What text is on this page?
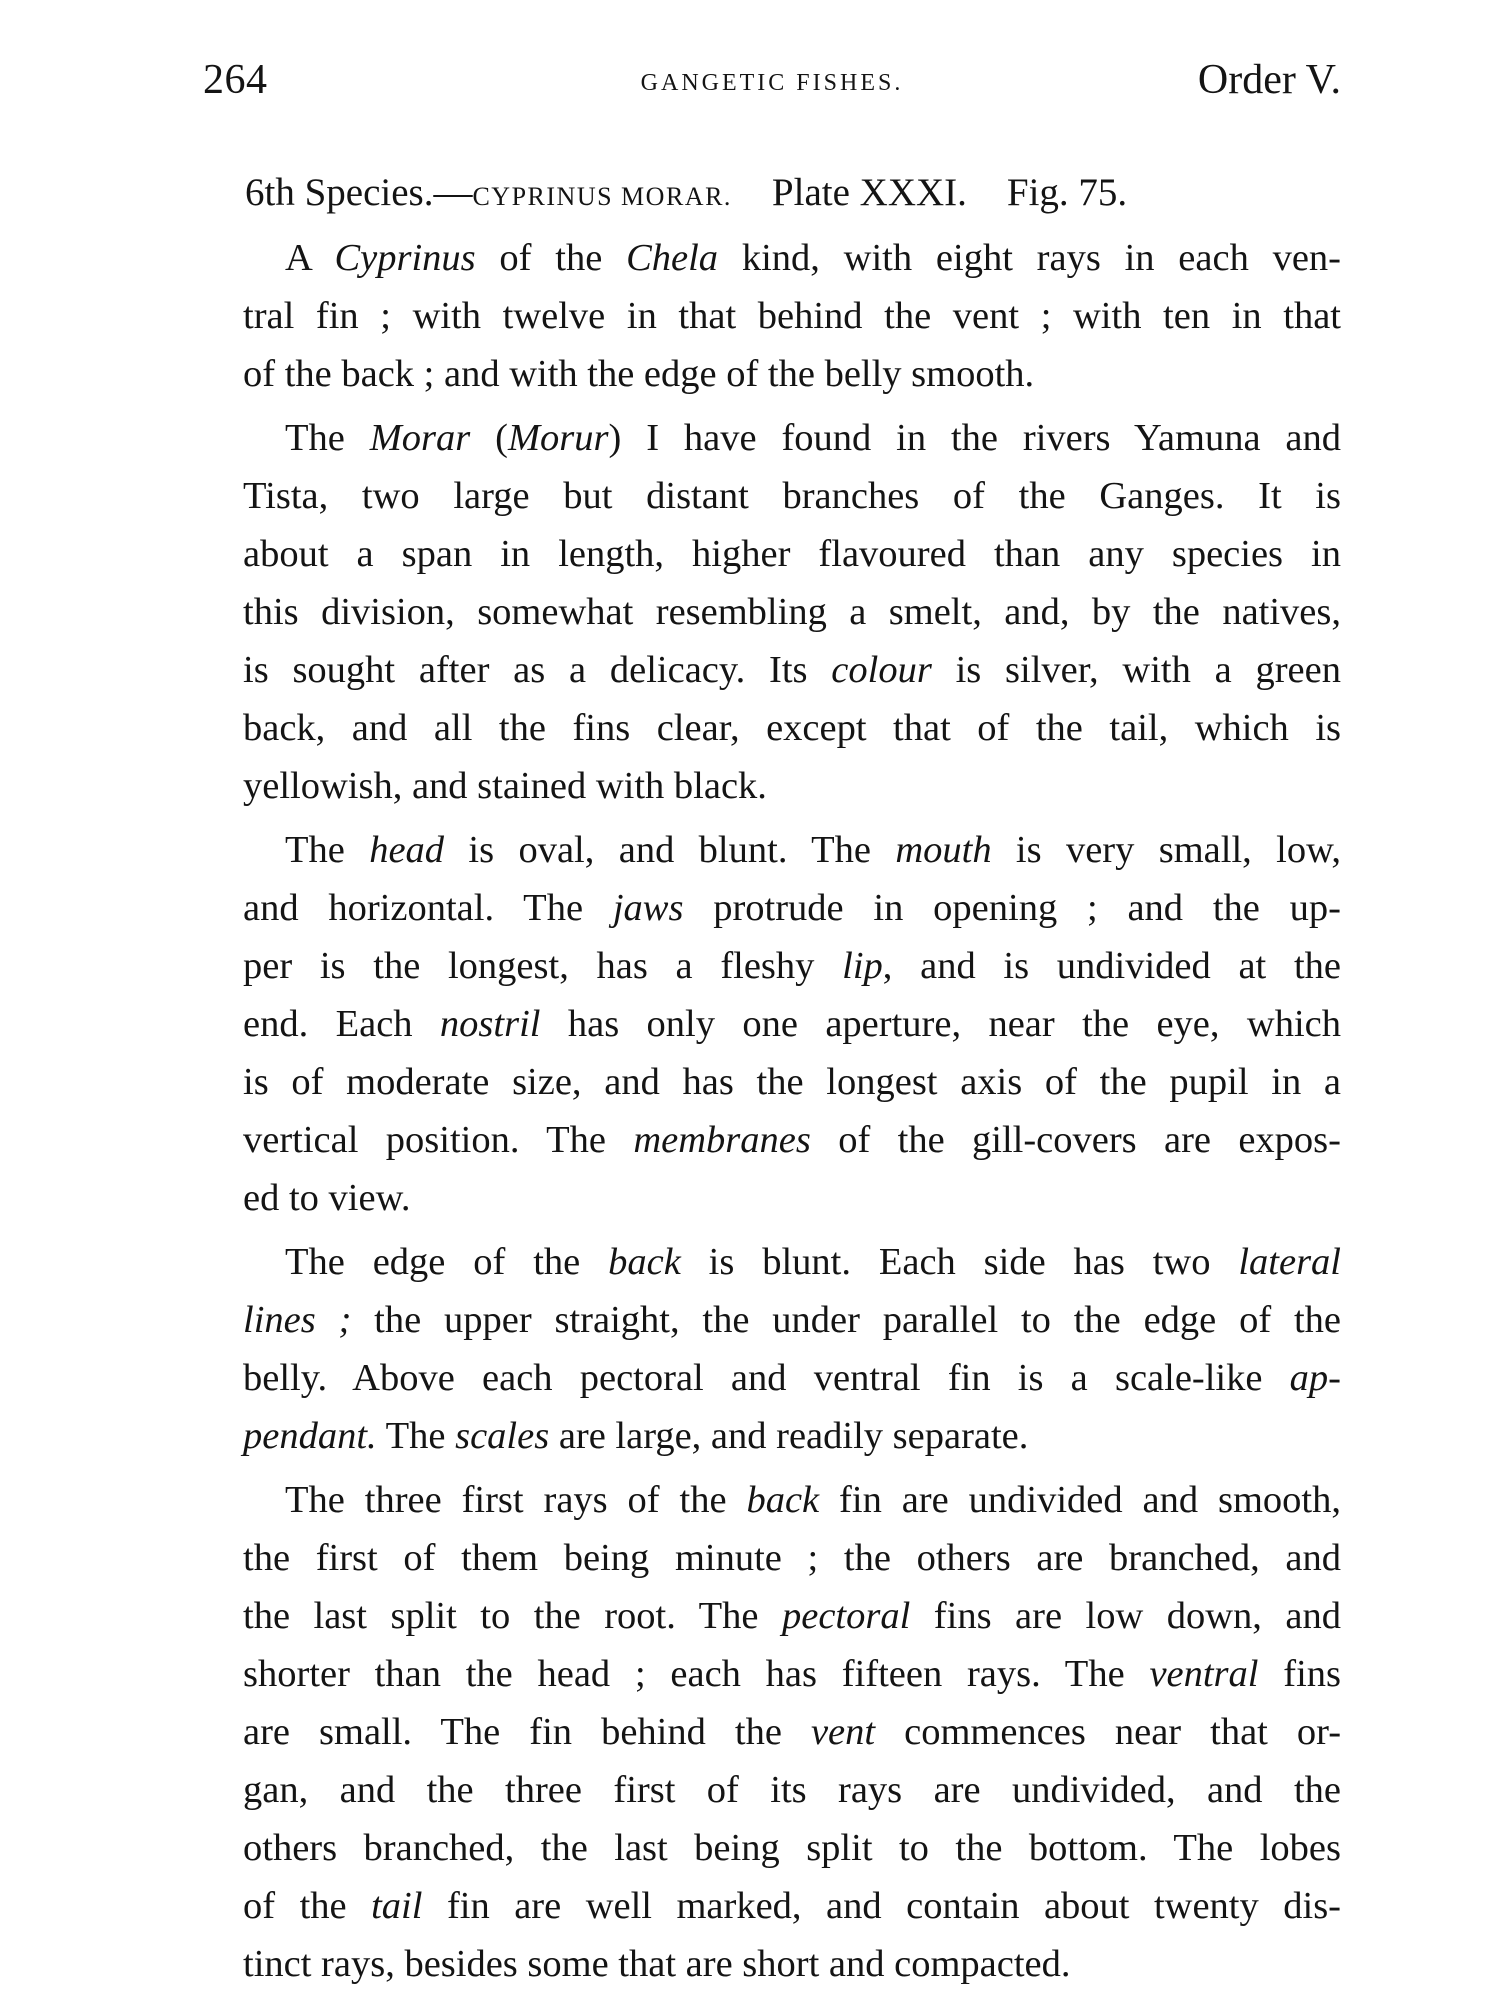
264	GANGETIC FISHES.	Order V.
6th Species.—CYPRINUS MORAR. Plate XXXI. Fig. 75.
A Cyprinus of the Chela kind, with eight rays in each ven-
tral fin ; with twelve in that behind the vent ; with ten in that
of the back ; and with the edge of the belly smooth.
The Morar (Morur) I have found in the rivers Yamuna and
Tista, two large but distant branches of the Ganges. It is
about a span in length, higher flavoured than any species in
this division, somewhat resembling a smelt, and, by the natives,
is sought after as a delicacy. Its colour is silver, with a green
back, and all the fins clear, except that of the tail, which is
yellowish, and stained with black.
The head is oval, and blunt. The mouth is very small, low,
and horizontal. The jaws protrude in opening ; and the up-
per is the longest, has a fleshy lip, and is undivided at the
end. Each nostril has only one aperture, near the eye, which
is of moderate size, and has the longest axis of the pupil in a
vertical position. The membranes of the gill-covers are expos-
ed to view.
The edge of the back is blunt. Each side has two lateral
lines ; the upper straight, the under parallel to the edge of the
belly. Above each pectoral and ventral fin is a scale-like ap-
pendant. The scales are large, and readily separate.
The three first rays of the back fin are undivided and smooth,
the first of them being minute ; the others are branched, and
the last split to the root. The pectoral fins are low down, and
shorter than the head ; each has fifteen rays. The ventral fins
are small. The fin behind the vent commences near that or-
gan, and the three first of its rays are undivided, and the
others branched, the last being split to the bottom. The lobes
of the tail fin are well marked, and contain about twenty dis-
tinct rays, besides some that are short and compacted.
